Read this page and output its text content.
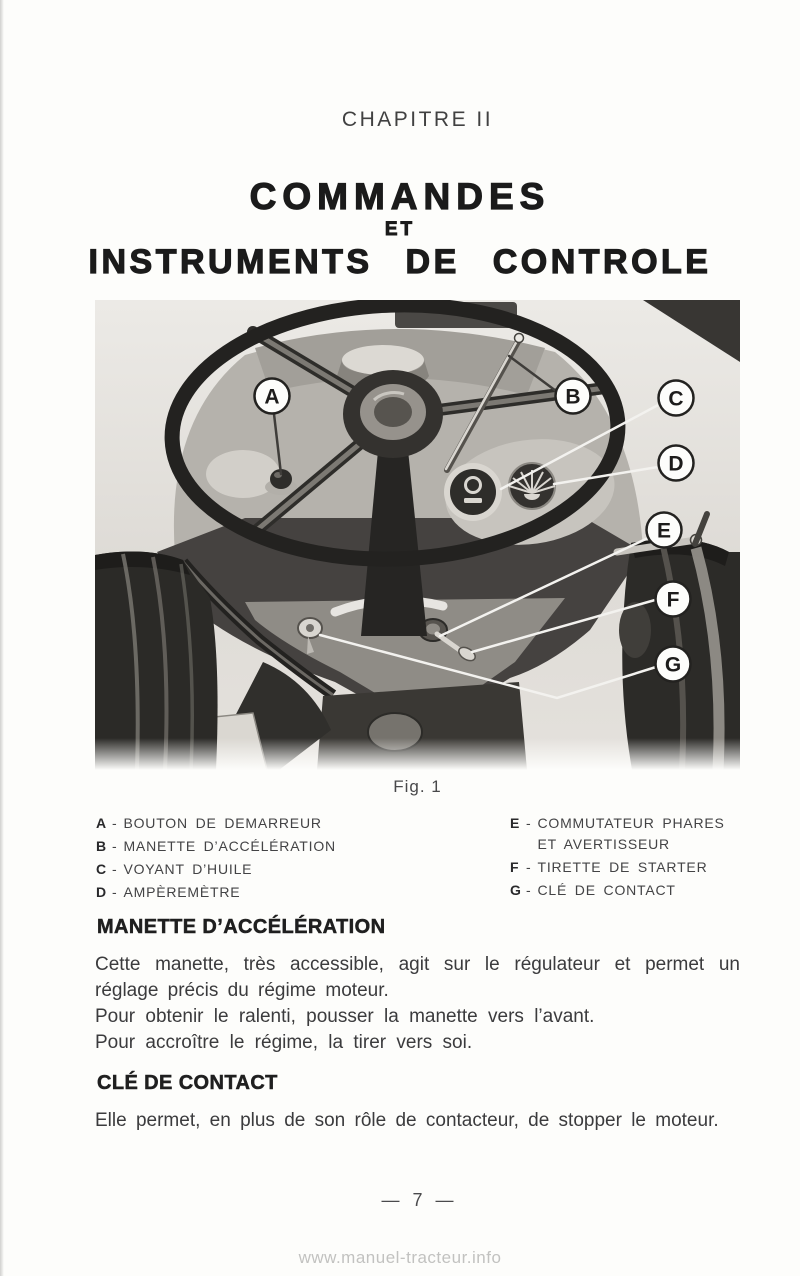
CHAPITRE II
COMMANDES
ET
INSTRUMENTS DE CONTROLE
A	B	C
D
E
F
G
Fig. 1
A - BOUTON DE DEMARREUR
B - MANETTE D’ACCÉLÉRATION
C - VOYANT D’HUILE
D - AMPÈREMÈTRE
E - COMMUTATEUR PHARES
ET AVERTISSEUR
F - TIRETTE DE STARTER
G - CLÉ DE CONTACT
MANETTE D’ACCÉLÉRATION

Cette manette, très accessible, agit sur le régulateur et permet un réglage précis du régime moteur.

Pour obtenir le ralenti, pousser la manette vers l’avant.

Pour accroître le régime, la tirer vers soi.

CLÉ DE CONTACT

Elle permet, en plus de son rôle de contacteur, de stopper le moteur.

— 7 —
www.manuel-tracteur.info
